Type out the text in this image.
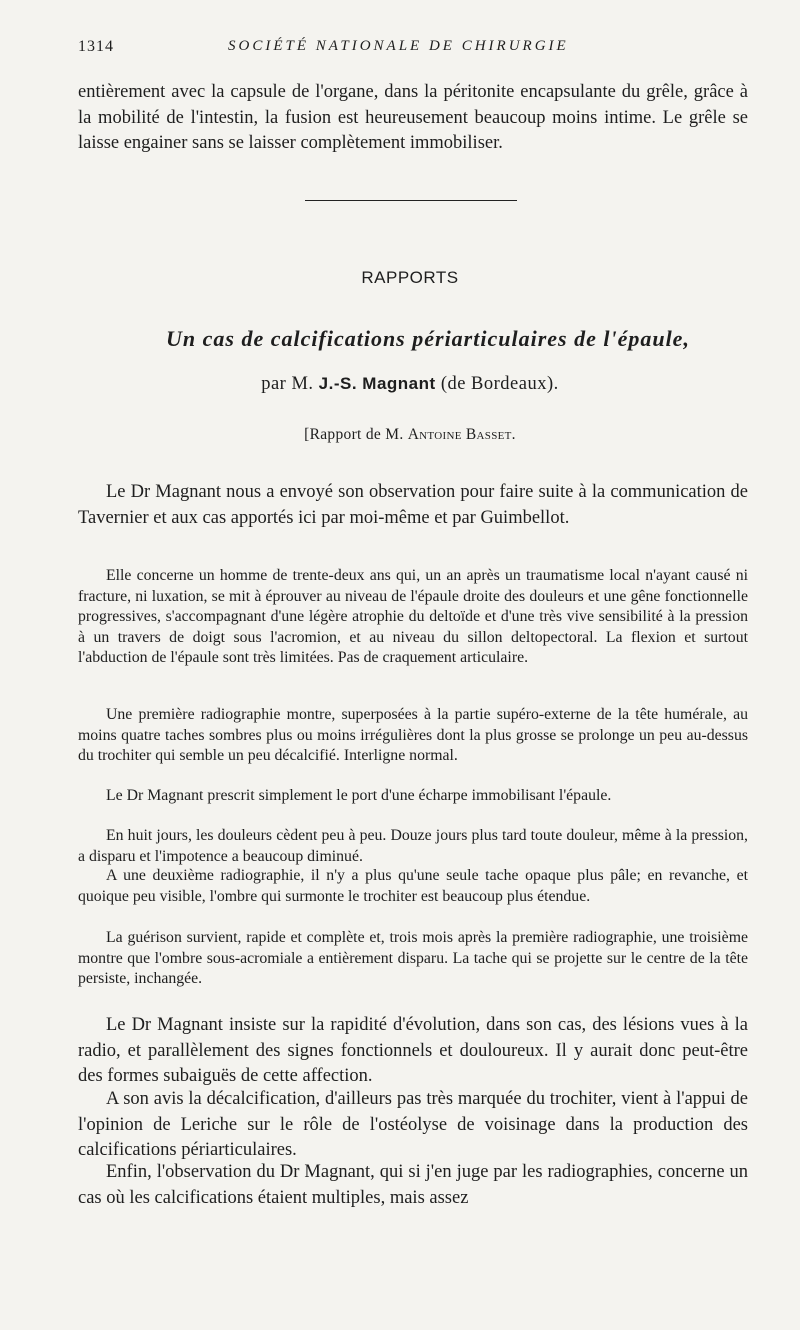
1314	SOCIÉTÉ NATIONALE DE CHIRURGIE

entièrement avec la capsule de l'organe, dans la péritonite encapsulante du grêle, grâce à la mobilité de l'intestin, la fusion est heureusement beaucoup moins intime. Le grêle se laisse engainer sans se laisser complètement immobiliser.

RAPPORTS
Un cas de calcifications périarticulaires de l'épaule,
par M. J.-S. Magnant (de Bordeaux).
[Rapport de M. Antoine Basset.

Le Dr Magnant nous a envoyé son observation pour faire suite à la communication de Tavernier et aux cas apportés ici par moi-même et par Guimbellot.

Elle concerne un homme de trente-deux ans qui, un an après un traumatisme local n'ayant causé ni fracture, ni luxation, se mit à éprouver au niveau de l'épaule droite des douleurs et une gêne fonctionnelle progressives, s'accompagnant d'une légère atrophie du deltoïde et d'une très vive sensibilité à la pression à un travers de doigt sous l'acromion, et au niveau du sillon deltopectoral. La flexion et surtout l'abduction de l'épaule sont très limitées. Pas de craquement articulaire.

Une première radiographie montre, superposées à la partie supéro-externe de la tête humérale, au moins quatre taches sombres plus ou moins irrégulières dont la plus grosse se prolonge un peu au-dessus du trochiter qui semble un peu décalcifié. Interligne normal.

Le Dr Magnant prescrit simplement le port d'une écharpe immobilisant l'épaule.

En huit jours, les douleurs cèdent peu à peu. Douze jours plus tard toute douleur, même à la pression, a disparu et l'impotence a beaucoup diminué.

A une deuxième radiographie, il n'y a plus qu'une seule tache opaque plus pâle; en revanche, et quoique peu visible, l'ombre qui surmonte le trochiter est beaucoup plus étendue.

La guérison survient, rapide et complète et, trois mois après la première radiographie, une troisième montre que l'ombre sous-acromiale a entièrement disparu. La tache qui se projette sur le centre de la tête persiste, inchangée.

Le Dr Magnant insiste sur la rapidité d'évolution, dans son cas, des lésions vues à la radio, et parallèlement des signes fonctionnels et douloureux. Il y aurait donc peut-être des formes subaiguës de cette affection.

A son avis la décalcification, d'ailleurs pas très marquée du trochiter, vient à l'appui de l'opinion de Leriche sur le rôle de l'ostéolyse de voisinage dans la production des calcifications périarticulaires.

Enfin, l'observation du Dr Magnant, qui si j'en juge par les radiographies, concerne un cas où les calcifications étaient multiples, mais assez
